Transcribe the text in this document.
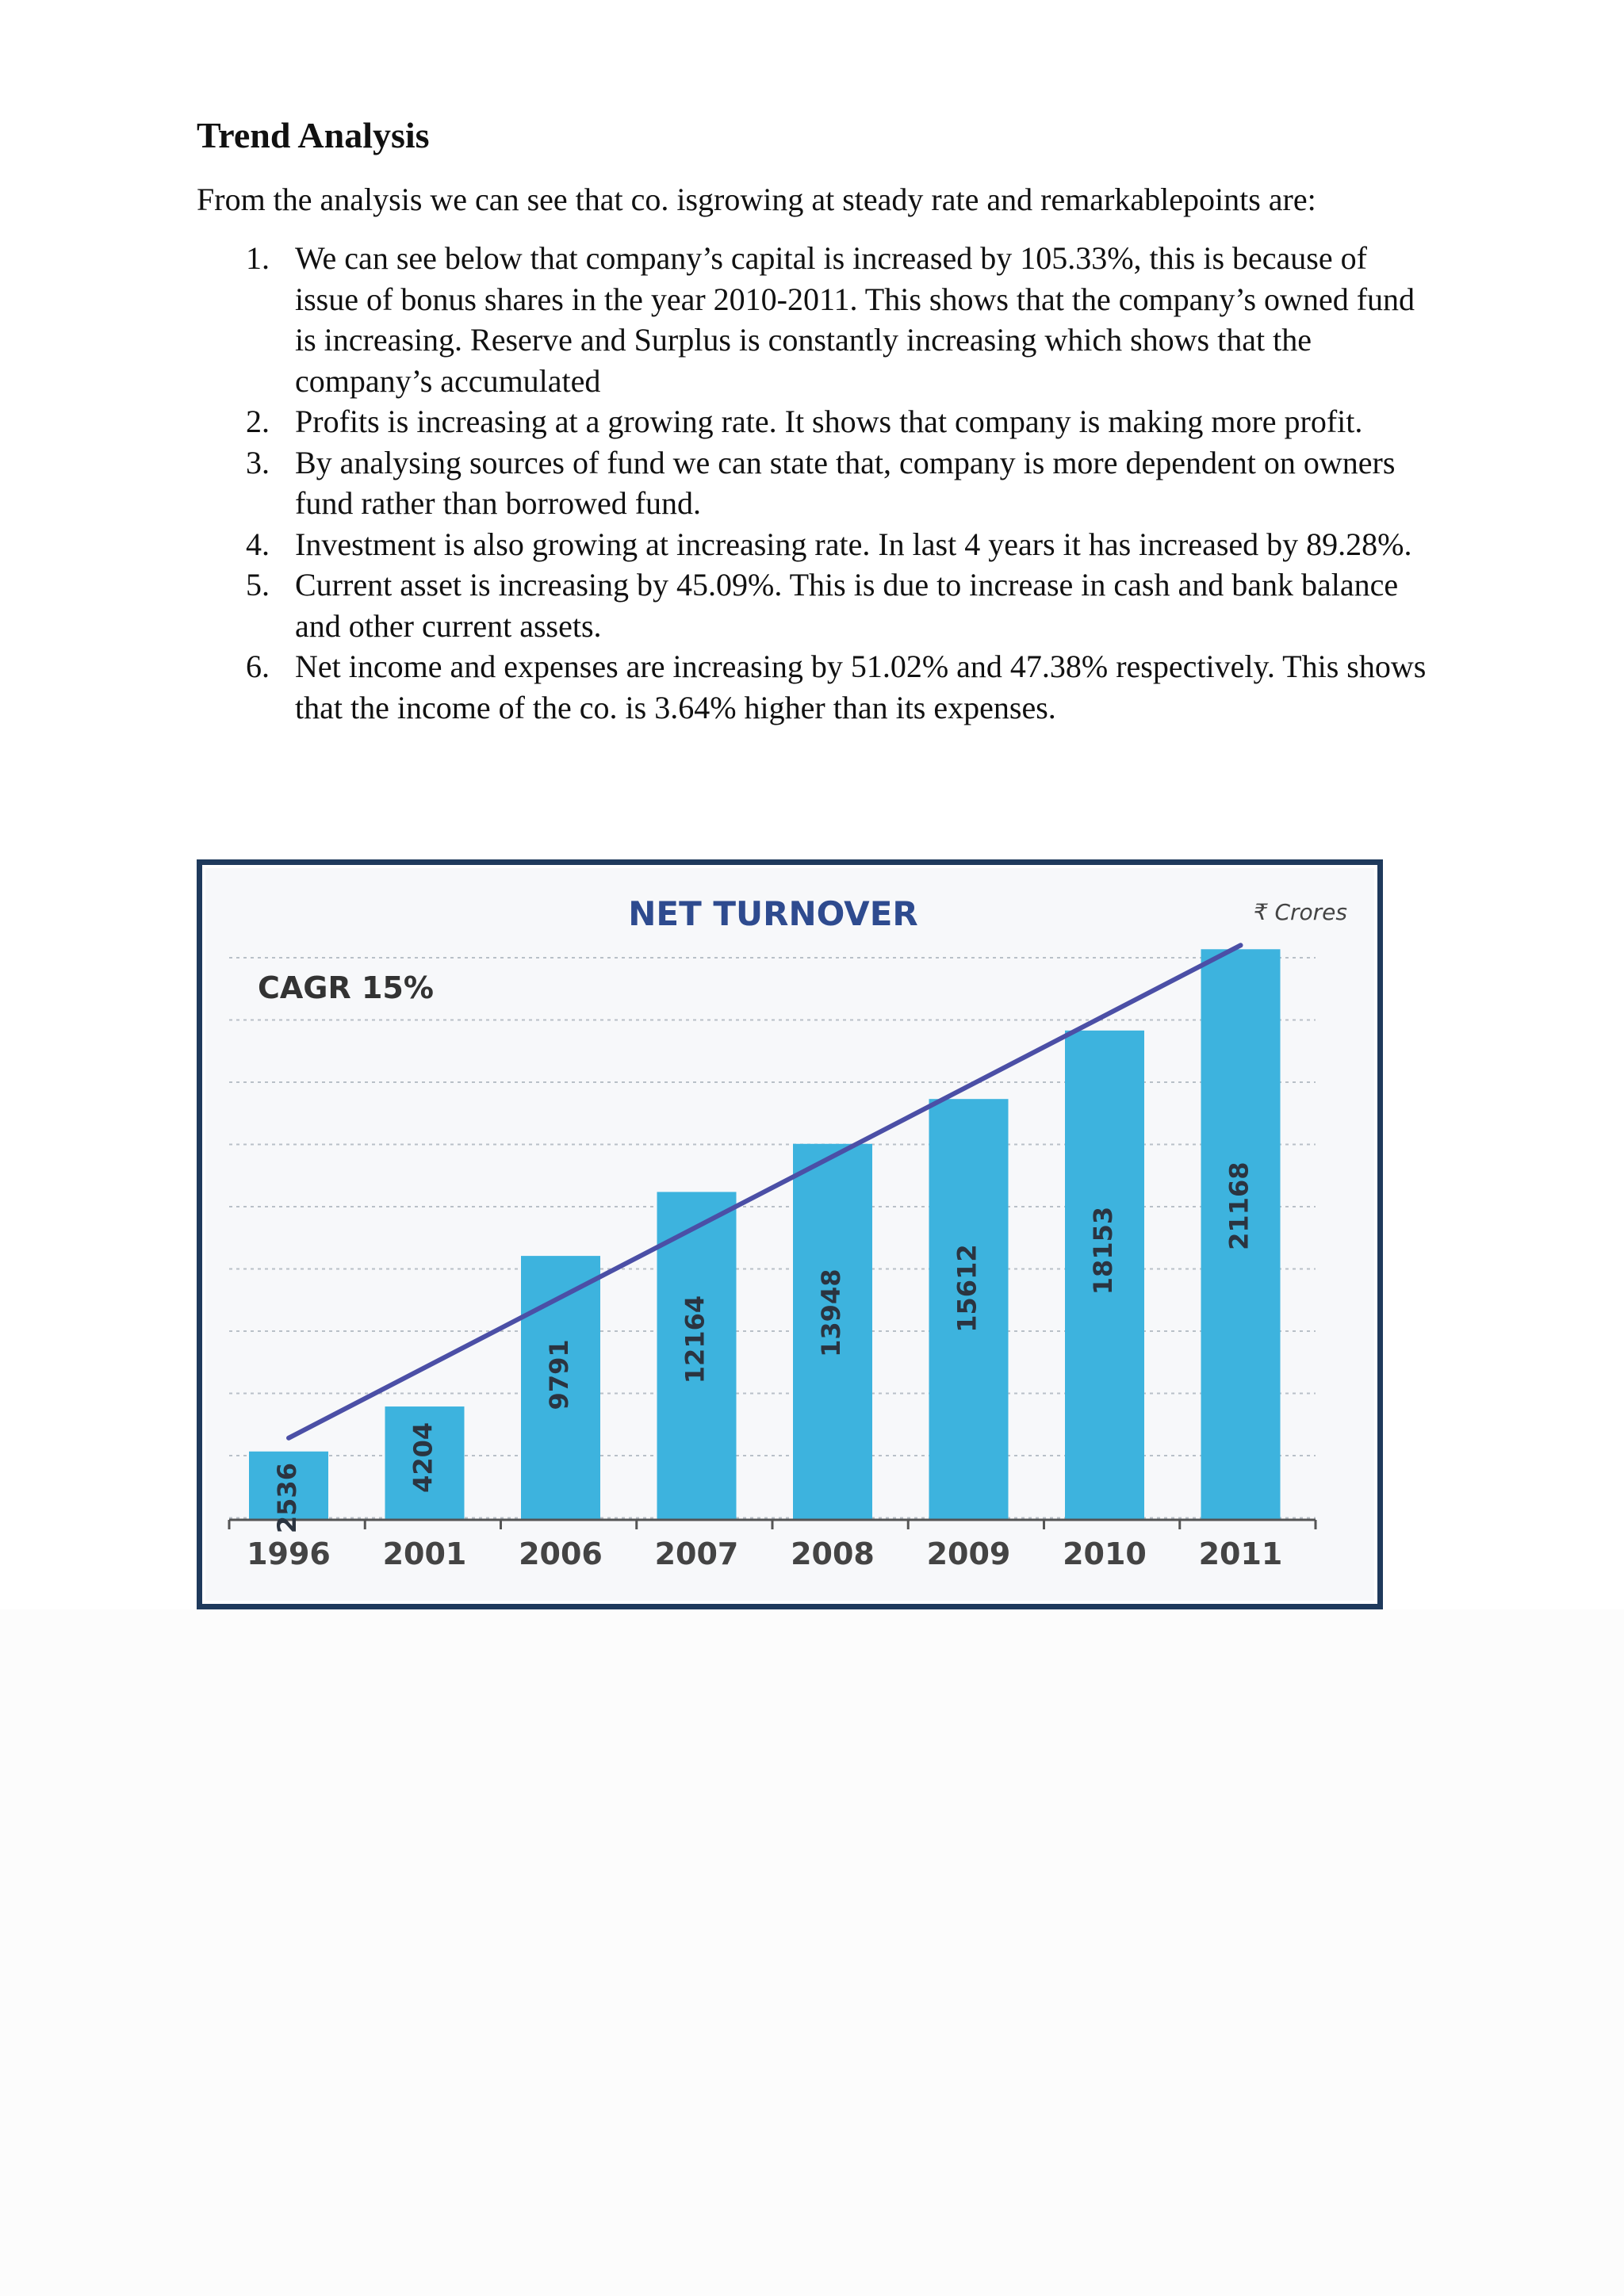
Trend Analysis

From the analysis we can see that co. isgrowing at steady rate and remarkablepoints are:

1. We can see below that company’s capital is increased by 105.33%, this is because of issue of bonus shares in the year 2010-2011. This shows that the company’s owned fund is increasing. Reserve and Surplus is constantly increasing which shows that the company’s accumulated
2. Profits is increasing at a growing rate. It shows that company is making more profit.
3. By analysing sources of fund we can state that, company is more dependent on owners fund rather than borrowed fund.
4. Investment is also growing at increasing rate. In last 4 years it has increased by 89.28%.
5. Current asset is increasing by 45.09%. This is due to increase in cash and bank balance and other current assets.
6. Net income and expenses are increasing by 51.02% and 47.38% respectively. This shows that the income of the co. is 3.64% higher than its expenses.
1996 2001 2006 2007 2008 2009 2010 2011
2536
4204
9791	12164	13948	15612	18153
21168
NET TURNOVER	₹ Crores
CAGR 15%
